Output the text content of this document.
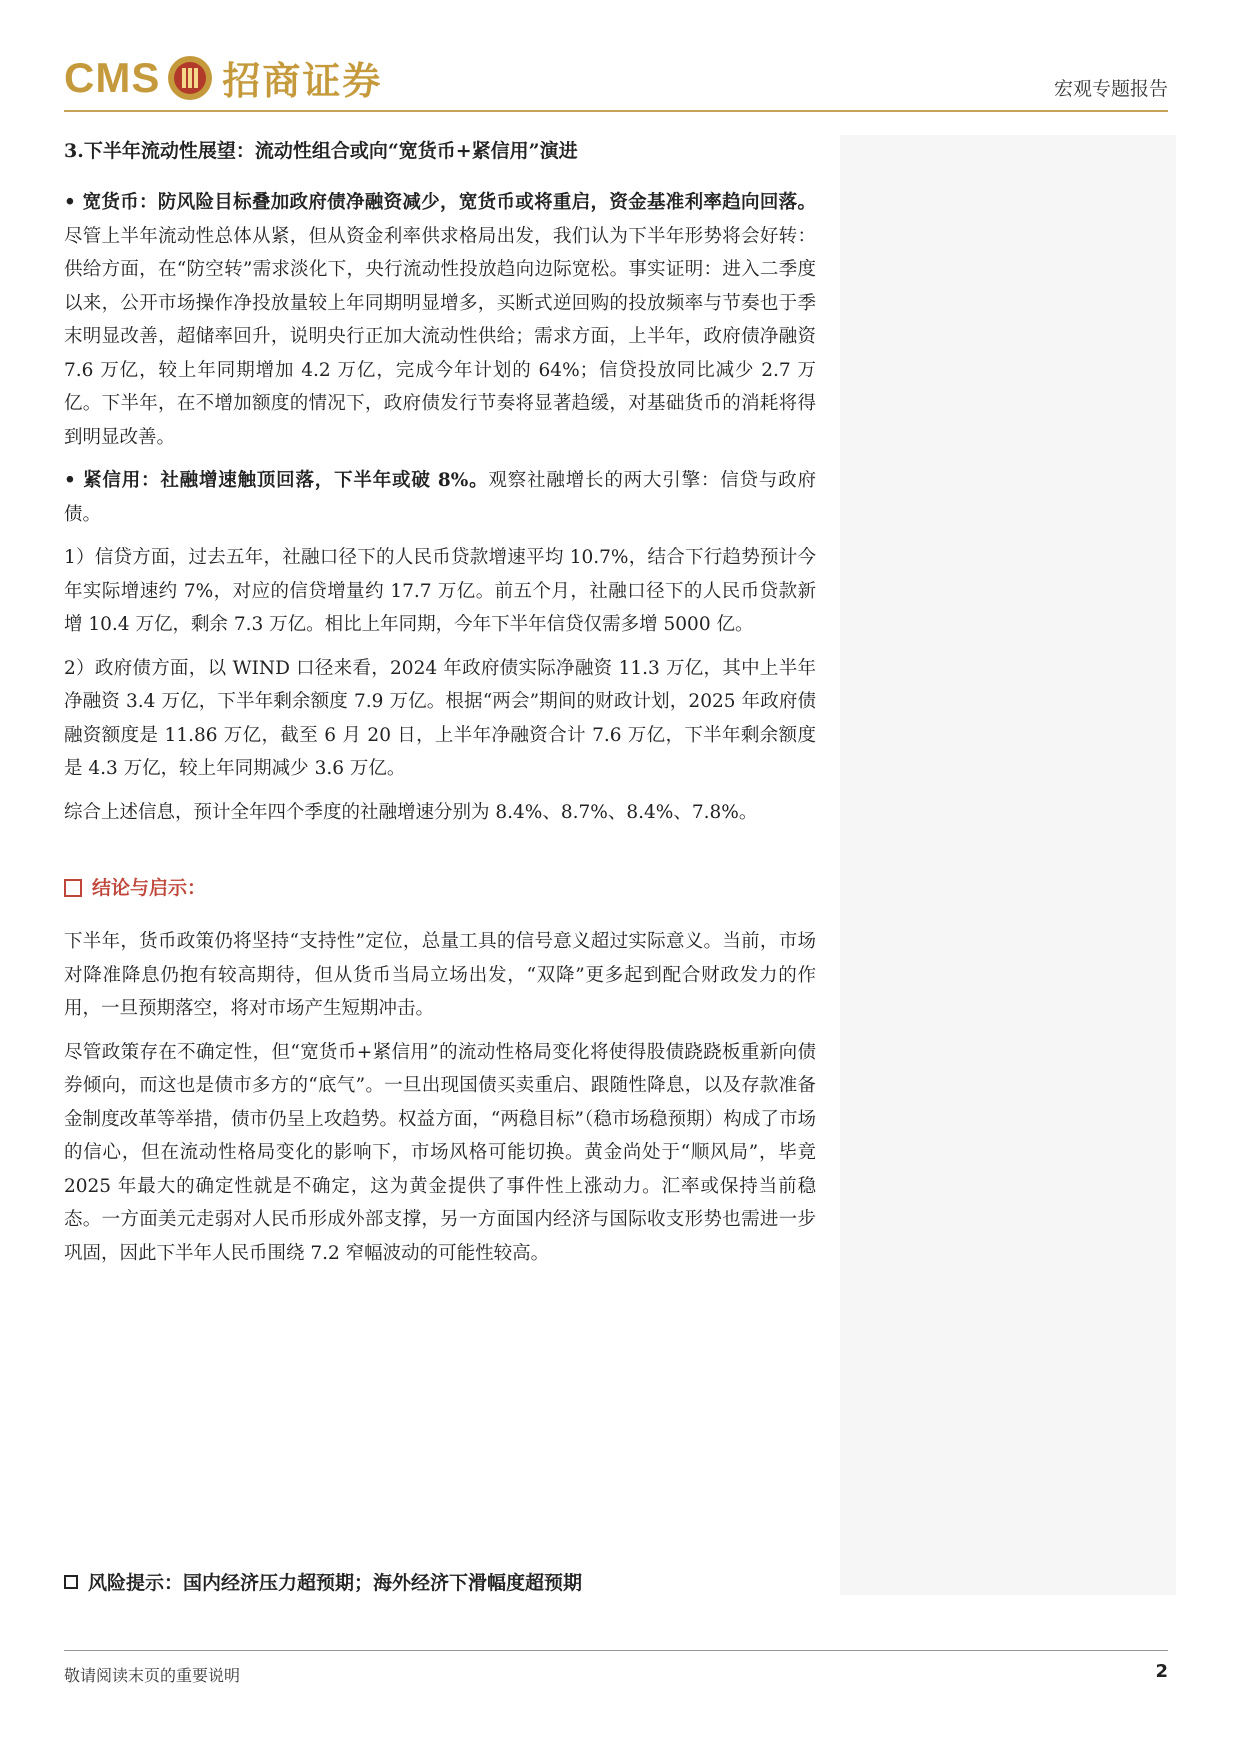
CMS 招商证券	宏观专题报告
3.下半年流动性展望：流动性组合或向“宽货币+紧信用”演进

• 宽货币：防风险目标叠加政府债净融资减少，宽货币或将重启，资金基准利率趋向回落。尽管上半年流动性总体从紧，但从资金利率供求格局出发，我们认为下半年形势将会好转：供给方面，在“防空转”需求淡化下，央行流动性投放趋向边际宽松。事实证明：进入二季度以来，公开市场操作净投放量较上年同期明显增多，买断式逆回购的投放频率与节奏也于季末明显改善，超储率回升，说明央行正加大流动性供给；需求方面，上半年，政府债净融资 7.6 万亿，较上年同期增加 4.2 万亿，完成今年计划的 64%；信贷投放同比减少 2.7 万亿。下半年，在不增加额度的情况下，政府债发行节奏将显著趋缓，对基础货币的消耗将得到明显改善。

• 紧信用：社融增速触顶回落，下半年或破 8%。观察社融增长的两大引擎：信贷与政府债。

1）信贷方面，过去五年，社融口径下的人民币贷款增速平均 10.7%，结合下行趋势预计今年实际增速约 7%，对应的信贷增量约 17.7 万亿。前五个月，社融口径下的人民币贷款新增 10.4 万亿，剩余 7.3 万亿。相比上年同期，今年下半年信贷仅需多增 5000 亿。

2）政府债方面，以 WIND 口径来看，2024 年政府债实际净融资 11.3 万亿，其中上半年净融资 3.4 万亿，下半年剩余额度 7.9 万亿。根据“两会”期间的财政计划，2025 年政府债融资额度是 11.86 万亿，截至 6 月 20 日，上半年净融资合计 7.6 万亿，下半年剩余额度是 4.3 万亿，较上年同期减少 3.6 万亿。

综合上述信息，预计全年四个季度的社融增速分别为 8.4%、8.7%、8.4%、7.8%。

结论与启示：

下半年，货币政策仍将坚持“支持性”定位，总量工具的信号意义超过实际意义。当前，市场对降准降息仍抱有较高期待，但从货币当局立场出发，“双降”更多起到配合财政发力的作用，一旦预期落空，将对市场产生短期冲击。

尽管政策存在不确定性，但“宽货币+紧信用”的流动性格局变化将使得股债跷跷板重新向债券倾向，而这也是债市多方的“底气”。一旦出现国债买卖重启、跟随性降息，以及存款准备金制度改革等举措，债市仍呈上攻趋势。权益方面，“两稳目标”（稳市场稳预期）构成了市场的信心，但在流动性格局变化的影响下，市场风格可能切换。黄金尚处于“顺风局”，毕竟 2025 年最大的确定性就是不确定，这为黄金提供了事件性上涨动力。汇率或保持当前稳态。一方面美元走弱对人民币形成外部支撑，另一方面国内经济与国际收支形势也需进一步巩固，因此下半年人民币围绕 7.2 窄幅波动的可能性较高。

风险提示：国内经济压力超预期；海外经济下滑幅度超预期
敬请阅读末页的重要说明	2
